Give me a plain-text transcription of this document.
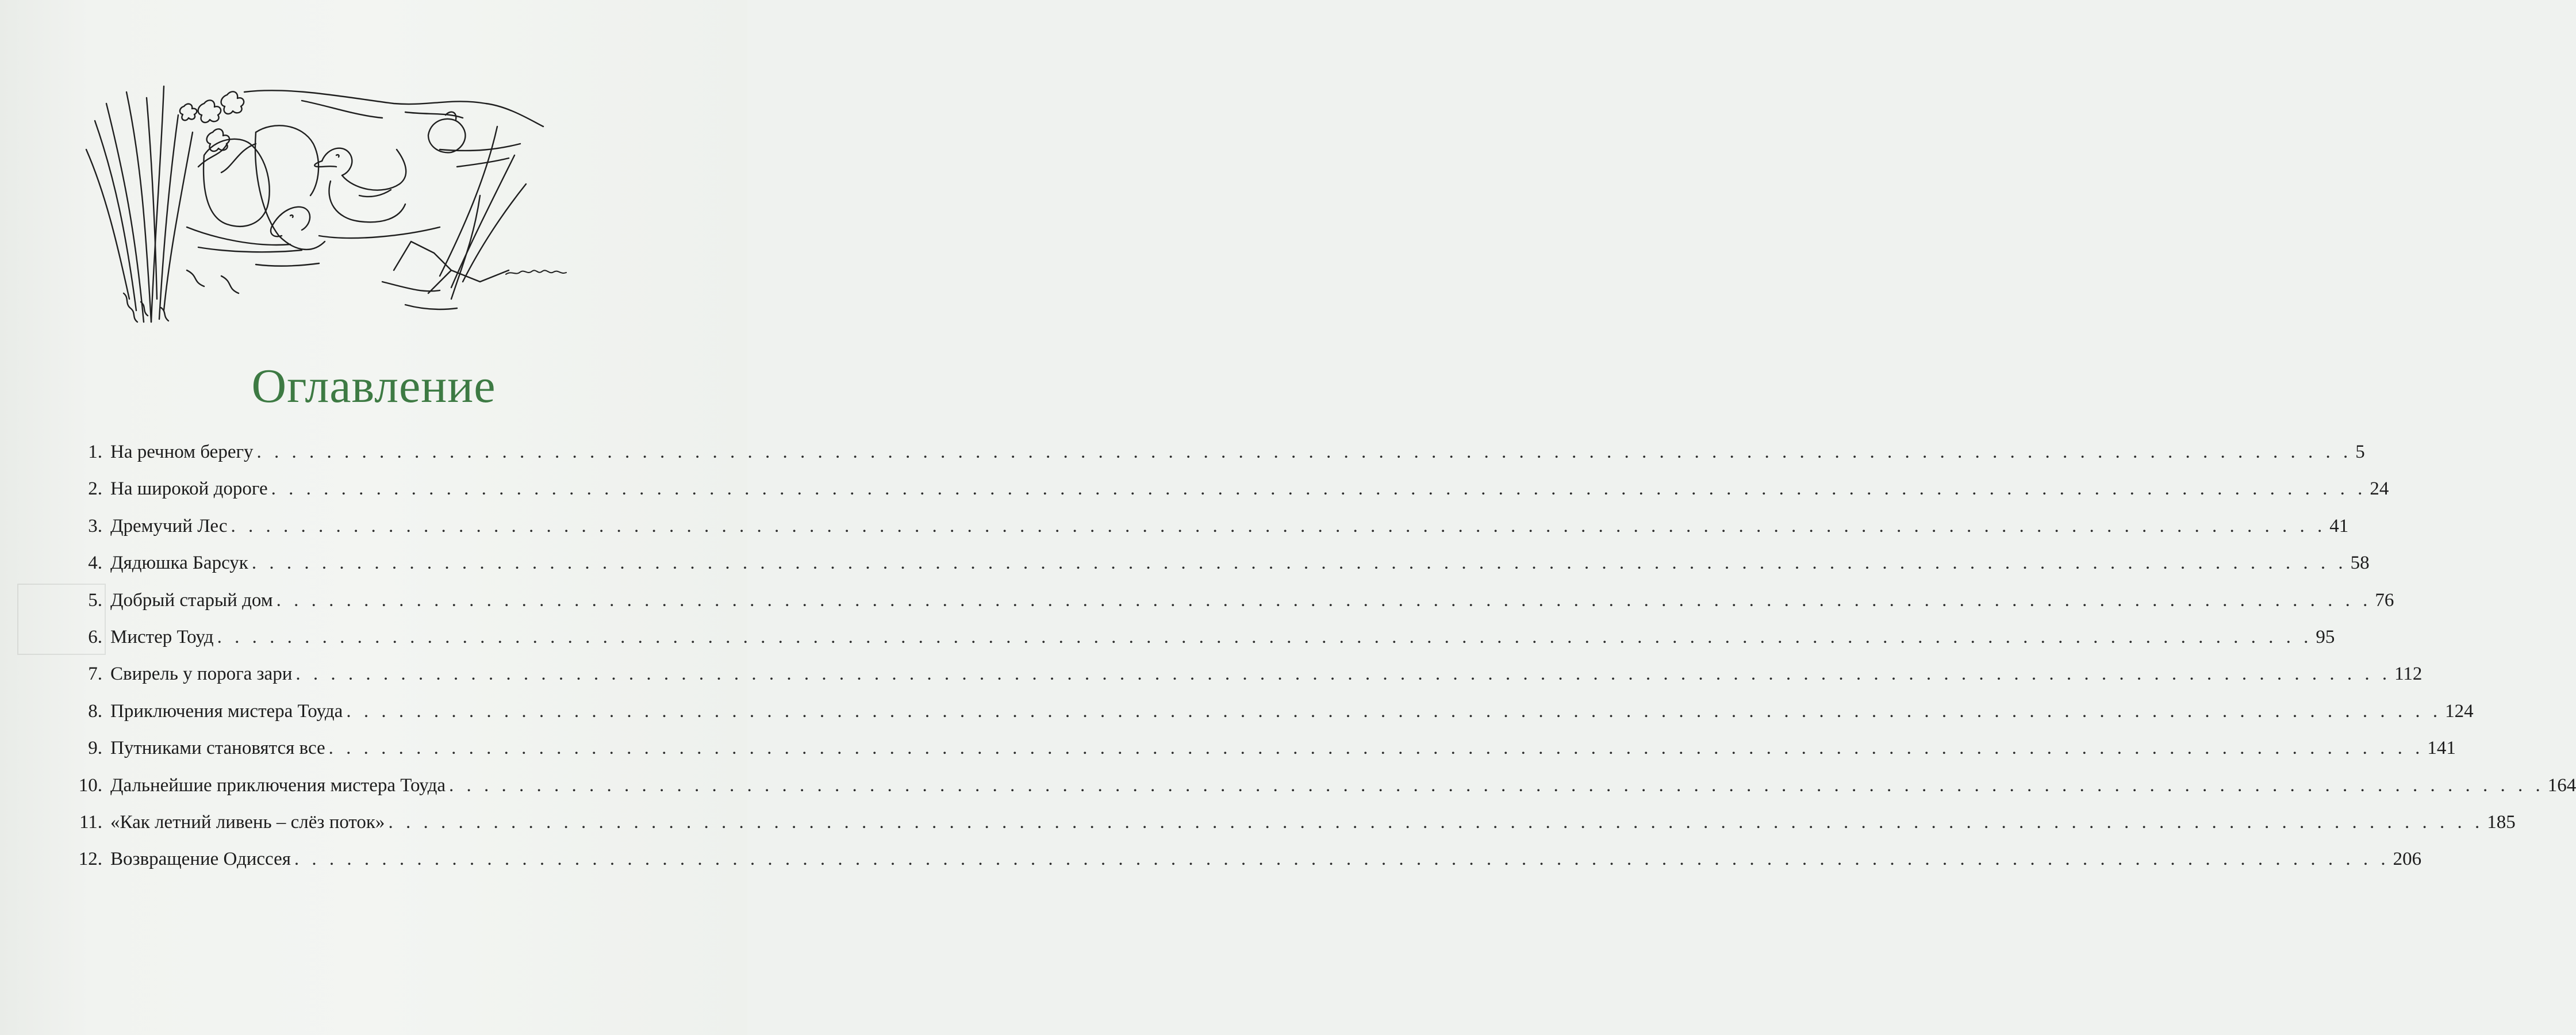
Оглавление
1. На речном берегу . . . . . . . . . . . . . . . . . . . . . . . . . . . . . . . . . . . . . . . . . . . . . . . . . . . . . . . . . . . . . . . . . . . . . . . . . . . . . . . . . . . . . . . . . . . . . . . . . . . . . . . . . . . . . . . . . . . . . . . . 5
2. На широкой дороге . . . . . . . . . . . . . . . . . . . . . . . . . . . . . . . . . . . . . . . . . . . . . . . . . . . . . . . . . . . . . . . . . . . . . . . . . . . . . . . . . . . . . . . . . . . . . . . . . . . . . . . . . . . . . . . . . . . . . . . . 24
3. Дремучий Лес . . . . . . . . . . . . . . . . . . . . . . . . . . . . . . . . . . . . . . . . . . . . . . . . . . . . . . . . . . . . . . . . . . . . . . . . . . . . . . . . . . . . . . . . . . . . . . . . . . . . . . . . . . . . . . . . . . . . . . . . 41
4. Дядюшка Барсук . . . . . . . . . . . . . . . . . . . . . . . . . . . . . . . . . . . . . . . . . . . . . . . . . . . . . . . . . . . . . . . . . . . . . . . . . . . . . . . . . . . . . . . . . . . . . . . . . . . . . . . . . . . . . . . . . . . . . . . . 58
5. Добрый старый дом . . . . . . . . . . . . . . . . . . . . . . . . . . . . . . . . . . . . . . . . . . . . . . . . . . . . . . . . . . . . . . . . . . . . . . . . . . . . . . . . . . . . . . . . . . . . . . . . . . . . . . . . . . . . . . . . . . . . . . . . 76
6. Мистер Тоуд . . . . . . . . . . . . . . . . . . . . . . . . . . . . . . . . . . . . . . . . . . . . . . . . . . . . . . . . . . . . . . . . . . . . . . . . . . . . . . . . . . . . . . . . . . . . . . . . . . . . . . . . . . . . . . . . . . . . . . . . 95
7. Свирель у порога зари . . . . . . . . . . . . . . . . . . . . . . . . . . . . . . . . . . . . . . . . . . . . . . . . . . . . . . . . . . . . . . . . . . . . . . . . . . . . . . . . . . . . . . . . . . . . . . . . . . . . . . . . . . . . . . . . . . . . . . . . 112
8. Приключения мистера Тоуда . . . . . . . . . . . . . . . . . . . . . . . . . . . . . . . . . . . . . . . . . . . . . . . . . . . . . . . . . . . . . . . . . . . . . . . . . . . . . . . . . . . . . . . . . . . . . . . . . . . . . . . . . . . . . . . . . . . . . . . . 124
9. Путниками становятся все . . . . . . . . . . . . . . . . . . . . . . . . . . . . . . . . . . . . . . . . . . . . . . . . . . . . . . . . . . . . . . . . . . . . . . . . . . . . . . . . . . . . . . . . . . . . . . . . . . . . . . . . . . . . . . . . . . . . . . . . 141
10. Дальнейшие приключения мистера Тоуда . . . . . . . . . . . . . . . . . . . . . . . . . . . . . . . . . . . . . . . . . . . . . . . . . . . . . . . . . . . . . . . . . . . . . . . . . . . . . . . . . . . . . . . . . . . . . . . . . . . . . . . . . . . . . . . . . . . . . . . . 164
11. «Как летний ливень – слёз поток» . . . . . . . . . . . . . . . . . . . . . . . . . . . . . . . . . . . . . . . . . . . . . . . . . . . . . . . . . . . . . . . . . . . . . . . . . . . . . . . . . . . . . . . . . . . . . . . . . . . . . . . . . . . . . . . . . . . . . . . . 185
12. Возвращение Одиссея . . . . . . . . . . . . . . . . . . . . . . . . . . . . . . . . . . . . . . . . . . . . . . . . . . . . . . . . . . . . . . . . . . . . . . . . . . . . . . . . . . . . . . . . . . . . . . . . . . . . . . . . . . . . . . . . . . . . . . . . 206
